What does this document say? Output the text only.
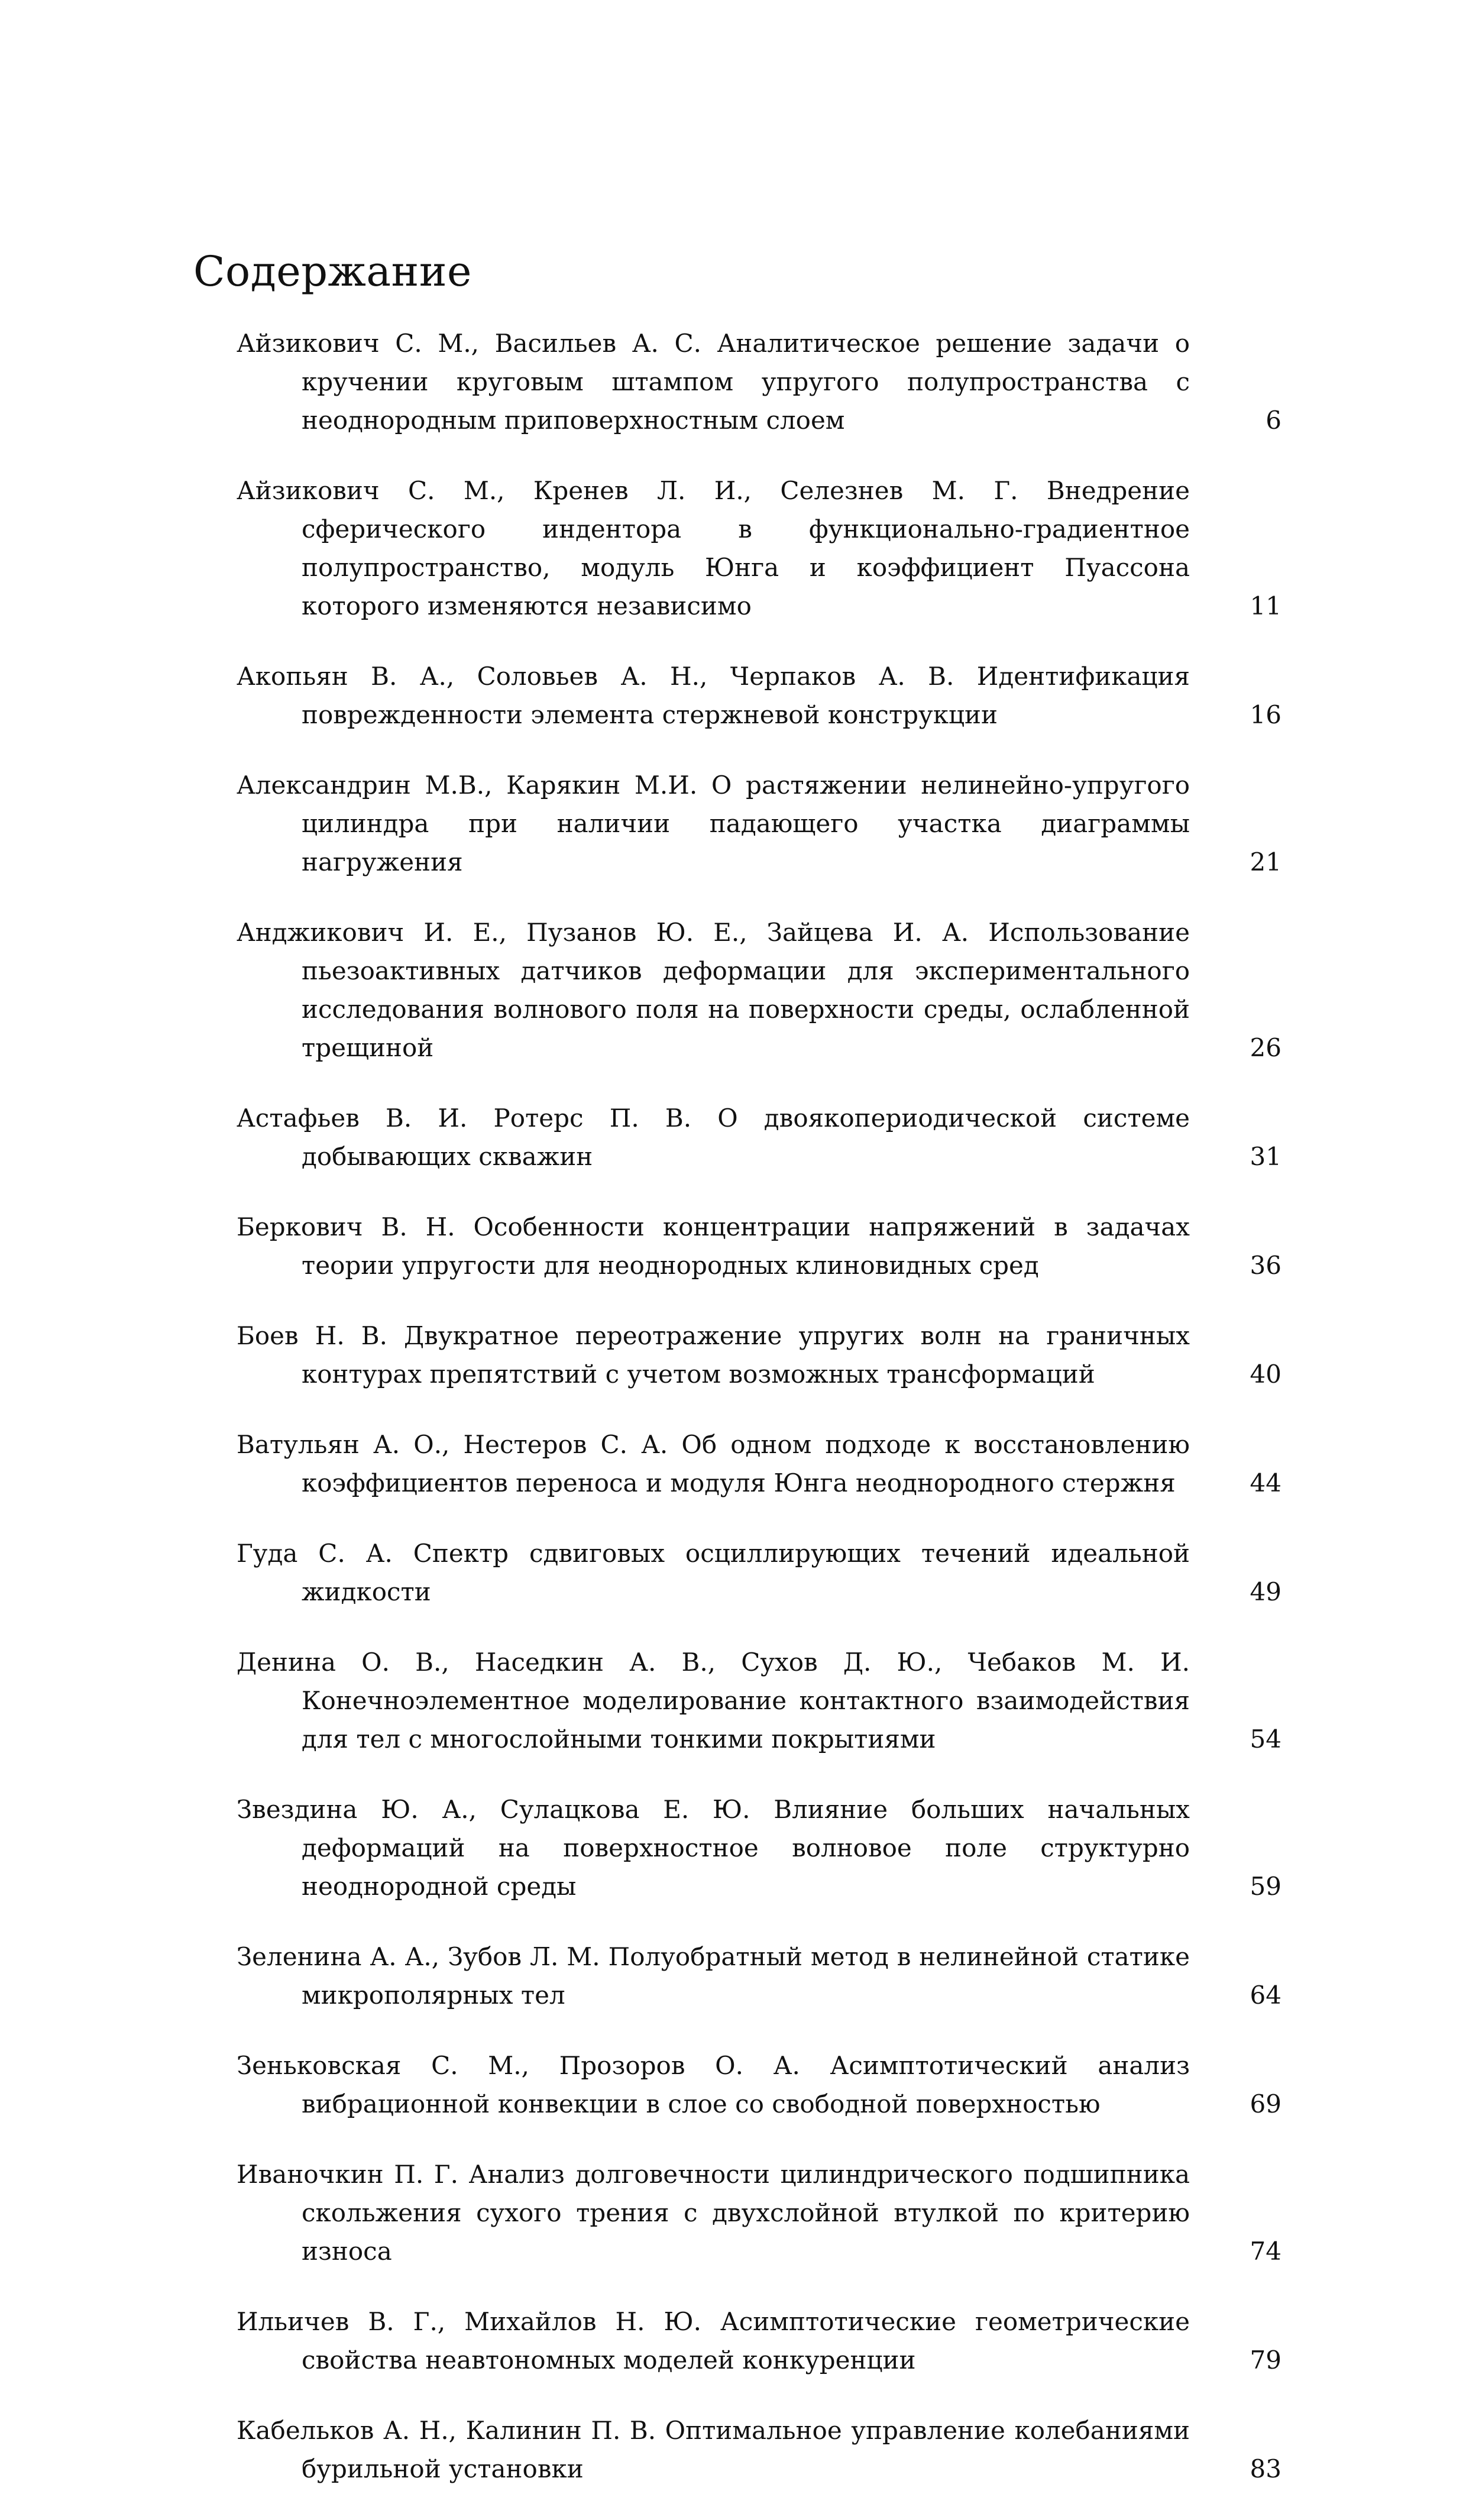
Содержание
Айзикович С. М., Васильев А. С. Аналитическое решение задачи о кручении круговым штампом упругого полупространства с неоднородным приповерхностным слоем	6
Айзикович С. М., Кренев Л. И., Селезнев М. Г. Внедрение сферического индентора в функционально-градиентное полупространство, модуль Юнга и коэффициент Пуассона которого изменяются независимо	11
Акопьян В. А., Соловьев А. Н., Черпаков А. В. Идентификация поврежденности элемента стержневой конструкции	16
Александрин М.В., Карякин М.И. О растяжении нелинейно-упругого цилиндра при наличии падающего участка диаграммы нагружения	21
Анджикович И. Е., Пузанов Ю. Е., Зайцева И. А. Использование пьезоактивных датчиков деформации для экспериментального исследования волнового поля на поверхности среды, ослабленной трещиной	26
Астафьев В. И. Ротерс П. В. О двоякопериодической системе добывающих скважин	31
Беркович В. Н. Особенности концентрации напряжений в задачах теории упругости для неоднородных клиновидных сред	36
Боев Н. В. Двукратное переотражение упругих волн на граничных контурах препятствий с учетом возможных трансформаций	40
Ватульян А. О., Нестеров С. А. Об одном подходе к восстановлению коэффициентов переноса и модуля Юнга неоднородного стержня	44
Гуда С. А. Спектр сдвиговых осциллирующих течений идеальной жидкости	49
Денина О. В., Наседкин А. В., Сухов Д. Ю., Чебаков М. И. Конечноэлементное моделирование контактного взаимодействия для тел с многослойными тонкими покрытиями	54
Звездина Ю. А., Сулацкова Е. Ю. Влияние больших начальных деформаций на поверхностное волновое поле структурно неоднородной среды	59
Зеленина А. А., Зубов Л. М. Полуобратный метод в нелинейной статике микрополярных тел	64
Зеньковская С. М., Прозоров О. А. Асимптотический анализ вибрационной конвекции в слое со свободной поверхностью	69
Иваночкин П. Г. Анализ долговечности цилиндрического подшипника скольжения сухого трения с двухслойной втулкой по критерию износа	74
Ильичев В. Г., Михайлов Н. Ю. Асимптотические геометрические свойства неавтономных моделей конкуренции	79
Кабельков А. Н., Калинин П. В. Оптимальное управление колебаниями бурильной установки	83
